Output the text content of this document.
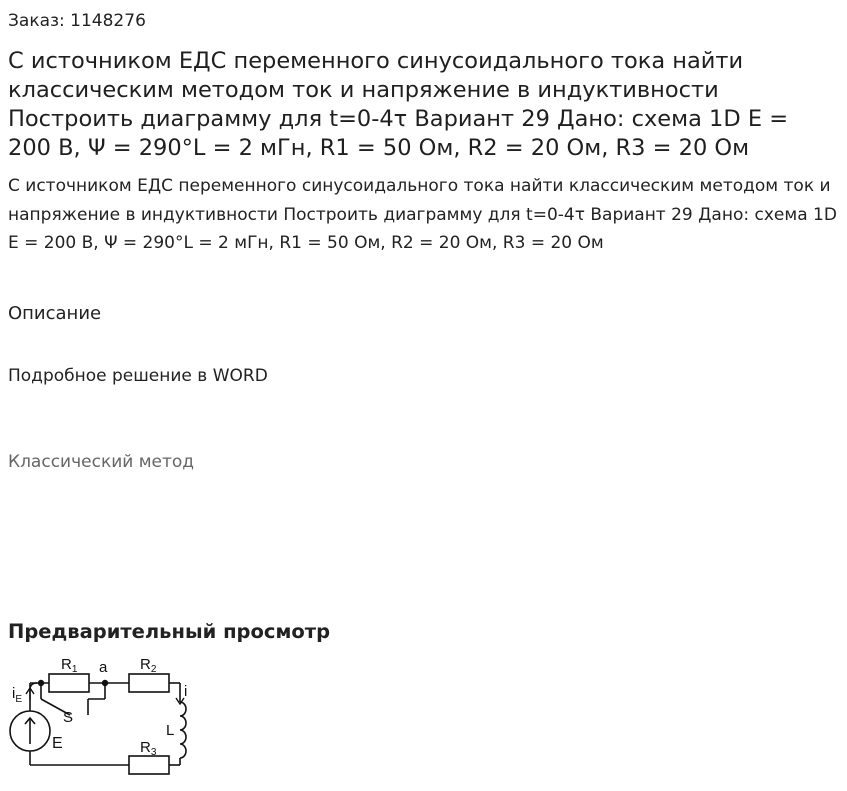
Заказ: 1148276
С источником ЕДС переменного синусоидального тока найти классическим методом ток и напряжение в индуктивности Построить диаграмму для t=0-4τ Вариант 29 Дано: схема 1D E = 200 В, Ψ = 290°L = 2 мГн, R1 = 50 Ом, R2 = 20 Ом, R3 = 20 Ом

С источником ЕДС переменного синусоидального тока найти классическим методом ток и напряжение в индуктивности Построить диаграмму для t=0-4τ Вариант 29 Дано: схема 1D E = 200 В, Ψ = 290°L = 2 мГн, R1 = 50 Ом, R2 = 20 Ом, R3 = 20 Ом

Описание
Подробное решение в WORD
Классический метод
Предварительный просмотр
$R_1$ a $R_2$
S
$i_E$	i
L
E	$R_3$
